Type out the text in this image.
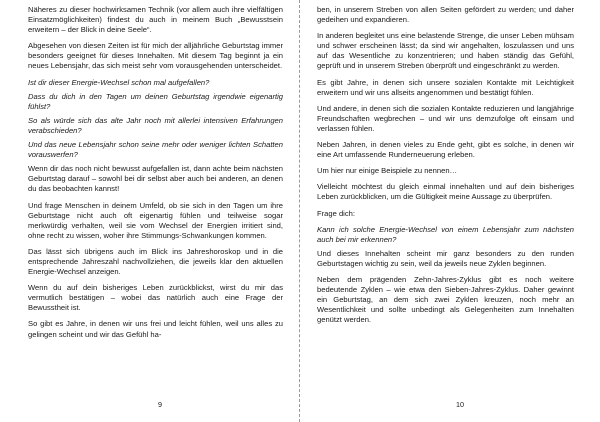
Näheres zu dieser hochwirksamen Technik (vor allem auch ihre vielfältigen Einsatzmöglichkeiten) findest du auch in meinem Buch „Bewusstsein erweitern – der Blick in deine Seele“.

Abgesehen von diesen Zeiten ist für mich der alljährliche Geburtstag immer besonders geeignet für dieses Innehalten. Mit diesem Tag beginnt ja ein neues Lebensjahr, das sich meist sehr vom vorausgehenden unterscheidet.

Ist dir dieser Energie-Wechsel schon mal aufgefallen?

Dass du dich in den Tagen um deinen Geburtstag irgendwie eigenartig fühlst?

So als würde sich das alte Jahr noch mit allerlei intensiven Erfahrungen verabschieden?

Und das neue Lebensjahr schon seine mehr oder weniger lichten Schatten vorauswerfen?

Wenn dir das noch nicht bewusst aufgefallen ist, dann achte beim nächsten Geburtstag darauf – sowohl bei dir selbst aber auch bei anderen, an denen du das beobachten kannst!

Und frage Menschen in deinem Umfeld, ob sie sich in den Tagen um ihre Geburtstage nicht auch oft eigenartig fühlen und teilweise sogar merkwürdig verhalten, weil sie vom Wechsel der Energien irritiert sind, ohne recht zu wissen, woher ihre Stimmungs-Schwankungen kommen.

Das lässt sich übrigens auch im Blick ins Jahreshoroskop und in die entsprechende Jahreszahl nachvollziehen, die jeweils klar den aktuellen Energie-Wechsel anzeigen.

Wenn du auf dein bisheriges Leben zurückblickst, wirst du mir das vermutlich bestätigen – wobei das natürlich auch eine Frage der Bewusstheit ist.

So gibt es Jahre, in denen wir uns frei und leicht fühlen, weil uns alles zu gelingen scheint und wir das Gefühl ha-

9

ben, in unserem Streben von allen Seiten gefördert zu werden; und daher gedeihen und expandieren.

In anderen begleitet uns eine belastende Strenge, die unser Leben mühsam und schwer erscheinen lässt; da sind wir angehalten, loszulassen und uns auf das Wesentliche zu konzentrieren; und haben ständig das Gefühl, geprüft und in unserem Streben überprüft und eingeschränkt zu werden.

Es gibt Jahre, in denen sich unsere sozialen Kontakte mit Leichtigkeit erweitern und wir uns allseits angenommen und bestätigt fühlen.

Und andere, in denen sich die sozialen Kontakte reduzieren und langjährige Freundschaften wegbrechen – und wir uns demzufolge oft einsam und verlassen fühlen.

Neben Jahren, in denen vieles zu Ende geht, gibt es solche, in denen wir eine Art umfassende Runderneuerung erleben.

Um hier nur einige Beispiele zu nennen…

Vielleicht möchtest du gleich einmal innehalten und auf dein bisheriges Leben zurückblicken, um die Gültigkeit meine Aussage zu überprüfen.

Frage dich:

Kann ich solche Energie-Wechsel von einem Lebensjahr zum nächsten auch bei mir erkennen?

Und dieses Innehalten scheint mir ganz besonders zu den runden Geburtstagen wichtig zu sein, weil da jeweils neue Zyklen beginnen.

Neben dem prägenden Zehn-Jahres-Zyklus gibt es noch weitere bedeutende Zyklen – wie etwa den Sieben-Jahres-Zyklus. Daher gewinnt ein Geburtstag, an dem sich zwei Zyklen kreuzen, noch mehr an Wesentlichkeit und sollte unbedingt als Gelegenheiten zum Innehalten genützt werden.

10
